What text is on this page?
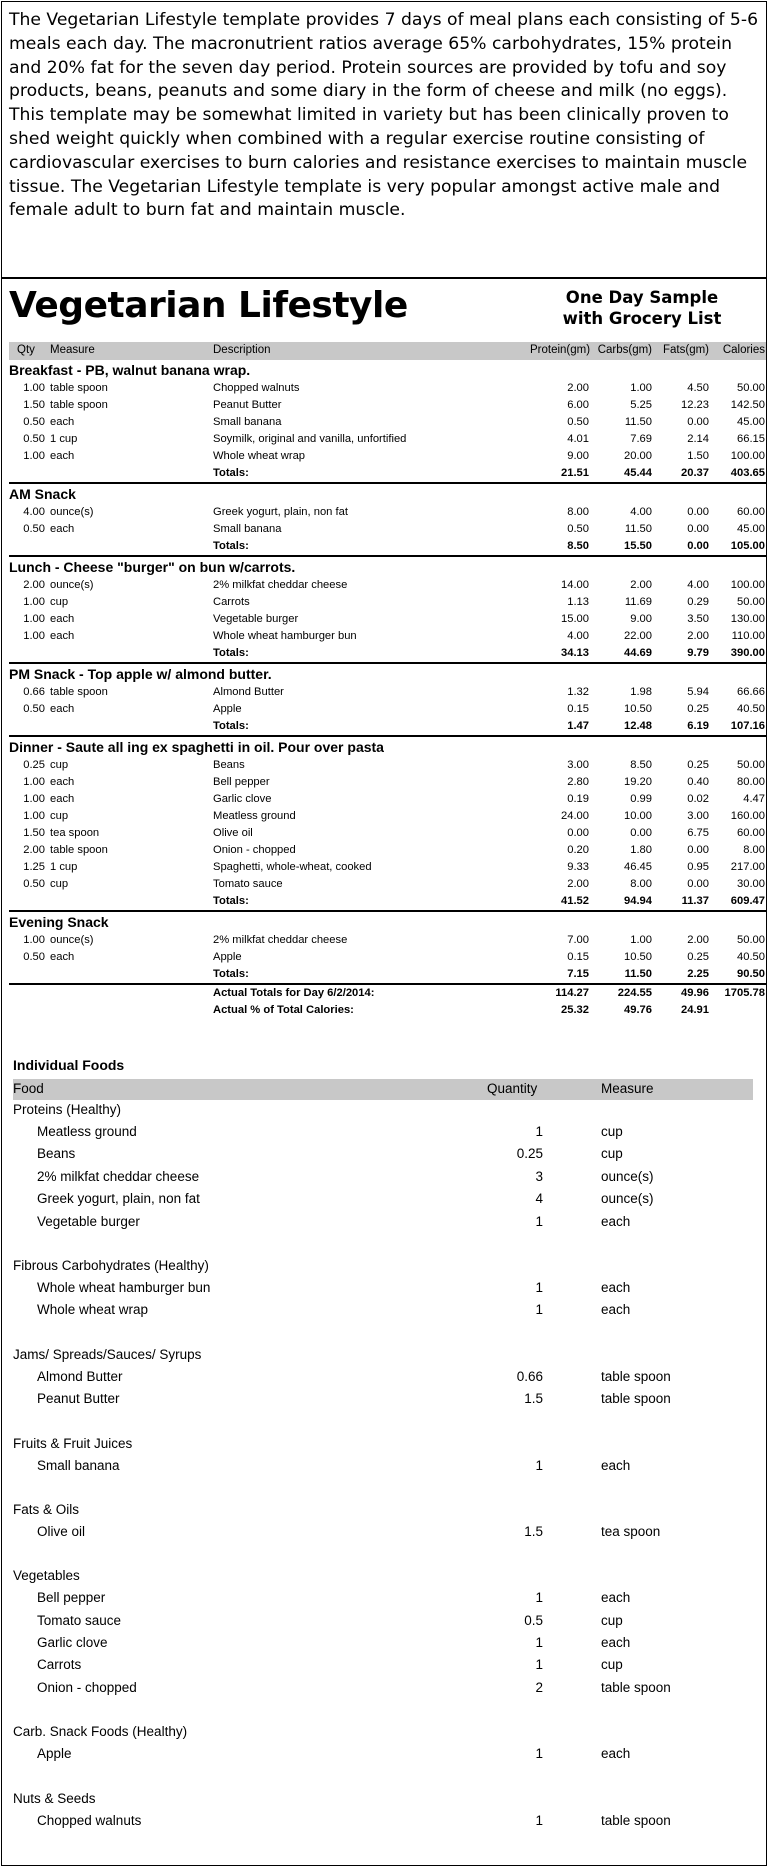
The Vegetarian Lifestyle template provides 7 days of meal plans each consisting of 5-6 meals each day. The macronutrient ratios average 65% carbohydrates, 15% protein and 20% fat for the seven day period. Protein sources are provided by tofu and soy products, beans, peanuts and some diary in the form of cheese and milk (no eggs). This template may be somewhat limited in variety but has been clinically proven to shed weight quickly when combined with a regular exercise routine consisting of cardiovascular exercises to burn calories and resistance exercises to maintain muscle tissue. The Vegetarian Lifestyle template is very popular amongst active male and female adult to burn fat and maintain muscle.

Vegetarian Lifestyle	One Day Sample
with Grocery List
Qty	Measure	Description	Protein(gm) Carbs(gm) Fats(gm)	Calories
Breakfast - PB, walnut banana wrap.
1.00 table spoon	Chopped walnuts	2.00	1.00	4.50	50.00
1.50 table spoon	Peanut Butter	6.00	5.25	12.23	142.50
0.50 each	Small banana	0.50	11.50	0.00	45.00
0.50 1 cup	Soymilk, original and vanilla, unfortified	4.01	7.69	2.14	66.15
1.00 each	Whole wheat wrap	9.00	20.00	1.50	100.00
Totals:	21.51	45.44	20.37	403.65
AM Snack
4.00 ounce(s)	Greek yogurt, plain, non fat	8.00	4.00	0.00	60.00
0.50 each	Small banana	0.50	11.50	0.00	45.00
Totals:	8.50	15.50	0.00	105.00
Lunch - Cheese "burger" on bun w/carrots.
2.00 ounce(s)	2% milkfat cheddar cheese	14.00	2.00	4.00	100.00
1.00 cup	Carrots	1.13	11.69	0.29	50.00
1.00 each	Vegetable burger	15.00	9.00	3.50	130.00
1.00 each	Whole wheat hamburger bun	4.00	22.00	2.00	110.00
Totals:	34.13	44.69	9.79	390.00
PM Snack - Top apple w/ almond butter.
0.66 table spoon	Almond Butter	1.32	1.98	5.94	66.66
0.50 each	Apple	0.15	10.50	0.25	40.50
Totals:	1.47	12.48	6.19	107.16
Dinner - Saute all ing ex spaghetti in oil. Pour over pasta
0.25 cup	Beans	3.00	8.50	0.25	50.00
1.00 each	Bell pepper	2.80	19.20	0.40	80.00
1.00 each	Garlic clove	0.19	0.99	0.02	4.47
1.00 cup	Meatless ground	24.00	10.00	3.00	160.00
1.50 tea spoon	Olive oil	0.00	0.00	6.75	60.00
2.00 table spoon	Onion - chopped	0.20	1.80	0.00	8.00
1.25 1 cup	Spaghetti, whole-wheat, cooked	9.33	46.45	0.95	217.00
0.50 cup	Tomato sauce	2.00	8.00	0.00	30.00
Totals:	41.52	94.94	11.37	609.47
Evening Snack
1.00 ounce(s)	2% milkfat cheddar cheese	7.00	1.00	2.00	50.00
0.50 each	Apple	0.15	10.50	0.25	40.50
Totals:	7.15	11.50	2.25	90.50
Actual Totals for Day 6/2/2014:	114.27	224.55	49.96	1705.78
Actual % of Total Calories:	25.32	49.76	24.91
Individual Foods
Food	Quantity	Measure
Proteins (Healthy)
Meatless ground	1	cup
Beans	0.25	cup
2% milkfat cheddar cheese	3	ounce(s)
Greek yogurt, plain, non fat	4	ounce(s)
Vegetable burger	1	each
Fibrous Carbohydrates (Healthy)
Whole wheat hamburger bun	1	each
Whole wheat wrap	1	each
Jams/ Spreads/Sauces/ Syrups
Almond Butter	0.66	table spoon
Peanut Butter	1.5	table spoon
Fruits & Fruit Juices
Small banana	1	each
Fats & Oils
Olive oil	1.5	tea spoon
Vegetables
Bell pepper	1	each
Tomato sauce	0.5	cup
Garlic clove	1	each
Carrots	1	cup
Onion - chopped	2	table spoon
Carb. Snack Foods (Healthy)
Apple	1	each
Nuts & Seeds
Chopped walnuts	1	table spoon
